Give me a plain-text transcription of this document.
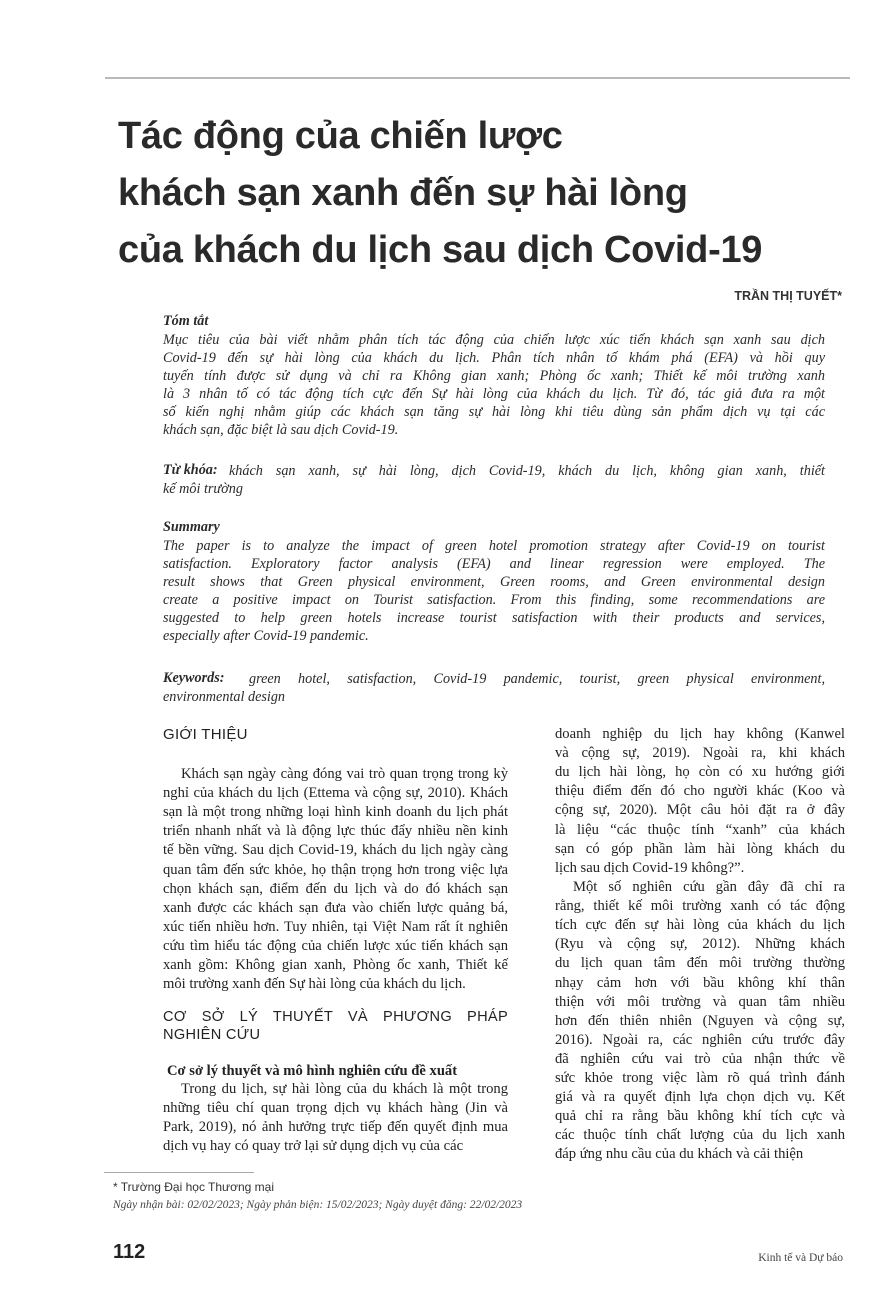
Tác động của chiến lược
khách sạn xanh đến sự hài lòng
của khách du lịch sau dịch Covid-19
TRẦN THỊ TUYẾT*
Tóm tắt
Mục tiêu của bài viết nhằm phân tích tác động của chiến lược xúc tiến khách sạn xanh sau dịch
Covid-19 đến sự hài lòng của khách du lịch. Phân tích nhân tố khám phá (EFA) và hồi quy
tuyến tính được sử dụng và chỉ ra Không gian xanh; Phòng ốc xanh; Thiết kế môi trường xanh
là 3 nhân tố có tác động tích cực đến Sự hài lòng của khách du lịch. Từ đó, tác giả đưa ra một
số kiến nghị nhằm giúp các khách sạn tăng sự hài lòng khi tiêu dùng sản phẩm dịch vụ tại các
khách sạn, đặc biệt là sau dịch Covid-19.
Từ khóa: khách sạn xanh, sự hài lòng, dịch Covid-19, khách du lịch, không gian xanh, thiết
kế môi trường
Summary
The paper is to analyze the impact of green hotel promotion strategy after Covid-19 on tourist
satisfaction. Exploratory factor analysis (EFA) and linear regression were employed. The
result shows that Green physical environment, Green rooms, and Green environmental design
create a positive impact on Tourist satisfaction. From this finding, some recommendations are
suggested to help green hotels increase tourist satisfaction with their products and services,
especially after Covid-19 pandemic.
Keywords: green hotel, satisfaction, Covid-19 pandemic, tourist, green physical environment,
environmental design
GIỚI THIỆU
Khách sạn ngày càng đóng vai trò quan trọng trong kỳ
nghỉ của khách du lịch (Ettema và cộng sự, 2010). Khách
sạn là một trong những loại hình kinh doanh du lịch phát
triển nhanh nhất và là động lực thúc đẩy nhiều nền kinh
tế bền vững. Sau dịch Covid-19, khách du lịch ngày càng
quan tâm đến sức khỏe, họ thận trọng hơn trong việc lựa
chọn khách sạn, điểm đến du lịch và do đó khách sạn
xanh được các khách sạn đưa vào chiến lược quảng bá,
xúc tiến nhiều hơn. Tuy nhiên, tại Việt Nam rất ít nghiên
cứu tìm hiểu tác động của chiến lược xúc tiến khách sạn
xanh gồm: Không gian xanh, Phòng ốc xanh, Thiết kế
môi trường xanh đến Sự hài lòng của khách du lịch.
CƠ SỞ LÝ THUYẾT VÀ PHƯƠNG PHÁP
NGHIÊN CỨU
Cơ sở lý thuyết và mô hình nghiên cứu đề xuất
Trong du lịch, sự hài lòng của du khách là một trong
những tiêu chí quan trọng dịch vụ khách hàng (Jin và
Park, 2019), nó ảnh hưởng trực tiếp đến quyết định mua
dịch vụ hay có quay trở lại sử dụng dịch vụ của các
doanh nghiệp du lịch hay không (Kanwel
và cộng sự, 2019). Ngoài ra, khi khách
du lịch hài lòng, họ còn có xu hướng giới
thiệu điểm đến đó cho người khác (Koo và
cộng sự, 2020). Một câu hỏi đặt ra ở đây
là liệu “các thuộc tính “xanh” của khách
sạn có góp phần làm hài lòng khách du
lịch sau dịch Covid-19 không?”.
Một số nghiên cứu gần đây đã chỉ ra
rằng, thiết kế môi trường xanh có tác động
tích cực đến sự hài lòng của khách du lịch
(Ryu và cộng sự, 2012). Những khách
du lịch quan tâm đến môi trường thường
nhạy cảm hơn với bầu không khí thân
thiện với môi trường và quan tâm nhiều
hơn đến thiên nhiên (Nguyen và cộng sự,
2016). Ngoài ra, các nghiên cứu trước đây
đã nghiên cứu vai trò của nhận thức về
sức khỏe trong việc làm rõ quá trình đánh
giá và ra quyết định lựa chọn dịch vụ. Kết
quả chỉ ra rằng bầu không khí tích cực và
các thuộc tính chất lượng của du lịch xanh
đáp ứng nhu cầu của du khách và cải thiện
* Trường Đại học Thương mại
Ngày nhận bài: 02/02/2023; Ngày phản biện: 15/02/2023; Ngày duyệt đăng: 22/02/2023
112	Kinh tế và Dự báo
